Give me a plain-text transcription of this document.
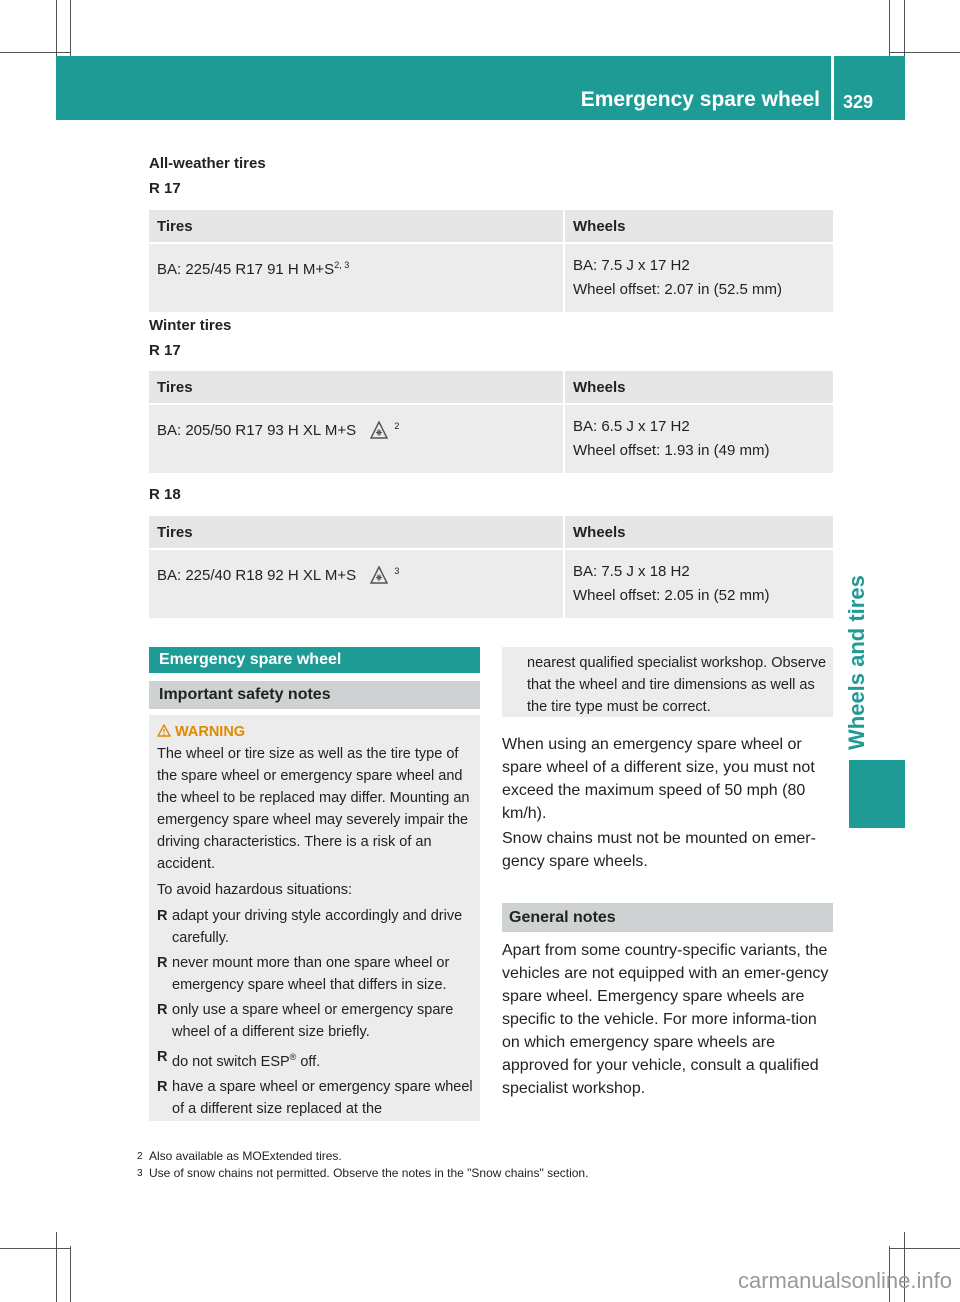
Emergency spare wheel 329
Wheels and tires
All-weather tires
R 17
Tires	Wheels
BA: 225/45 R17 91 H $M+S^{2, 3}$	BA: 7.5 J x 17 H2
Wheel offset: 2.07 in (52.5 mm)
Winter tires
R 17
Tires	Wheels
BA: 205/50 R17 93 H XL M+S $^2$	BA: 6.5 J x 17 H2
Wheel offset: 1.93 in (49 mm)
R 18
Tires	Wheels
BA: 225/40 R18 92 H XL M+S $^3$	BA: 7.5 J x 18 H2
Wheel offset: 2.05 in (52 mm)
Emergency spare wheel
Important safety notes
WARNING

The wheel or tire size as well as the tire type of the spare wheel or emergency spare wheel and the wheel to be replaced may differ. Mounting an emergency spare wheel may severely impair the driving characteristics. There is a risk of an accident.

To avoid hazardous situations:

R adapt your driving style accordingly and drive carefully.
R never mount more than one spare wheel or emergency spare wheel that differs in size.
R only use a spare wheel or emergency spare wheel of a different size briefly.
R do not switch ESP® off.
R have a spare wheel or emergency spare wheel of a different size replaced at the
nearest qualified specialist workshop. Observe that the wheel and tire dimensions as well as the tire type must be correct.

When using an emergency spare wheel or spare wheel of a different size, you must not exceed the maximum speed of 50 mph (80 km/h).

Snow chains must not be mounted on emer-gency spare wheels.

General notes
Apart from some country-specific variants, the vehicles are not equipped with an emer-gency spare wheel. Emergency spare wheels are specific to the vehicle. For more informa-tion on which emergency spare wheels are approved for your vehicle, consult a qualified specialist workshop.
2 Also available as MOExtended tires.
3 Use of snow chains not permitted. Observe the notes in the "Snow chains" section.
carmanualsonline.info
